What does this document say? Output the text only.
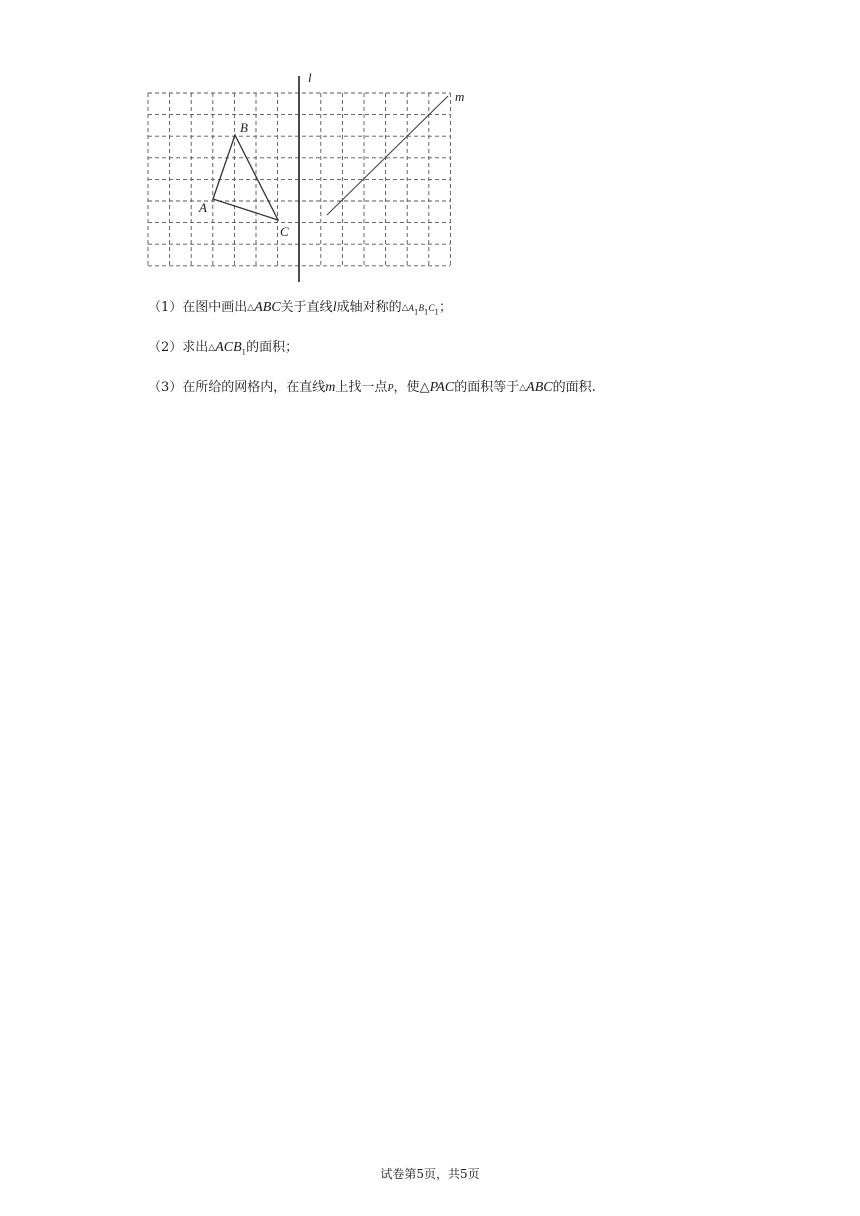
l
m
A
B
C
（1）在图中画出△ABC关于直线l成轴对称的$\triangle A_1B_1C_1$；
（2）求出$\triangle ACB_1$的面积；
（3）在所给的网格内，在直线m上找一点P，使△PAC的面积等于△ABC的面积.
试卷第5页，共5页
